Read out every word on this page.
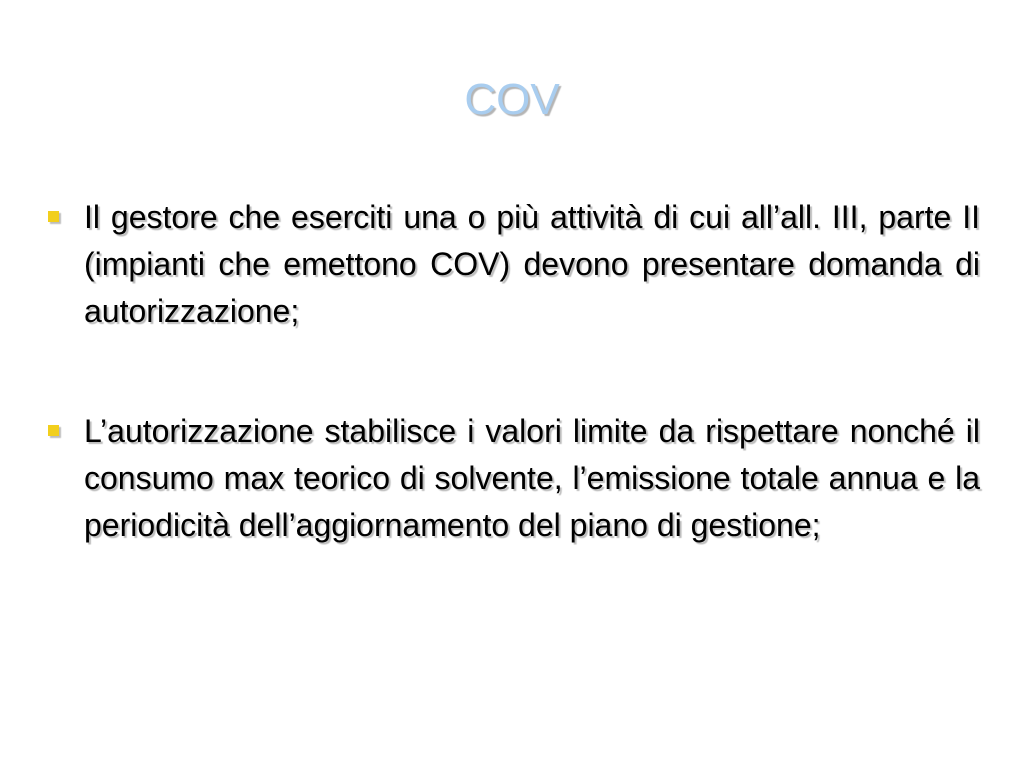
COV
Il gestore che eserciti una o più attività di cui all’all. III, parte II (impianti che emettono COV) devono presentare domanda di autorizzazione;
L’autorizzazione stabilisce i valori limite da rispettare nonché il consumo max teorico di solvente, l’emissione totale annua e la periodicità dell’aggiornamento del piano di gestione;
